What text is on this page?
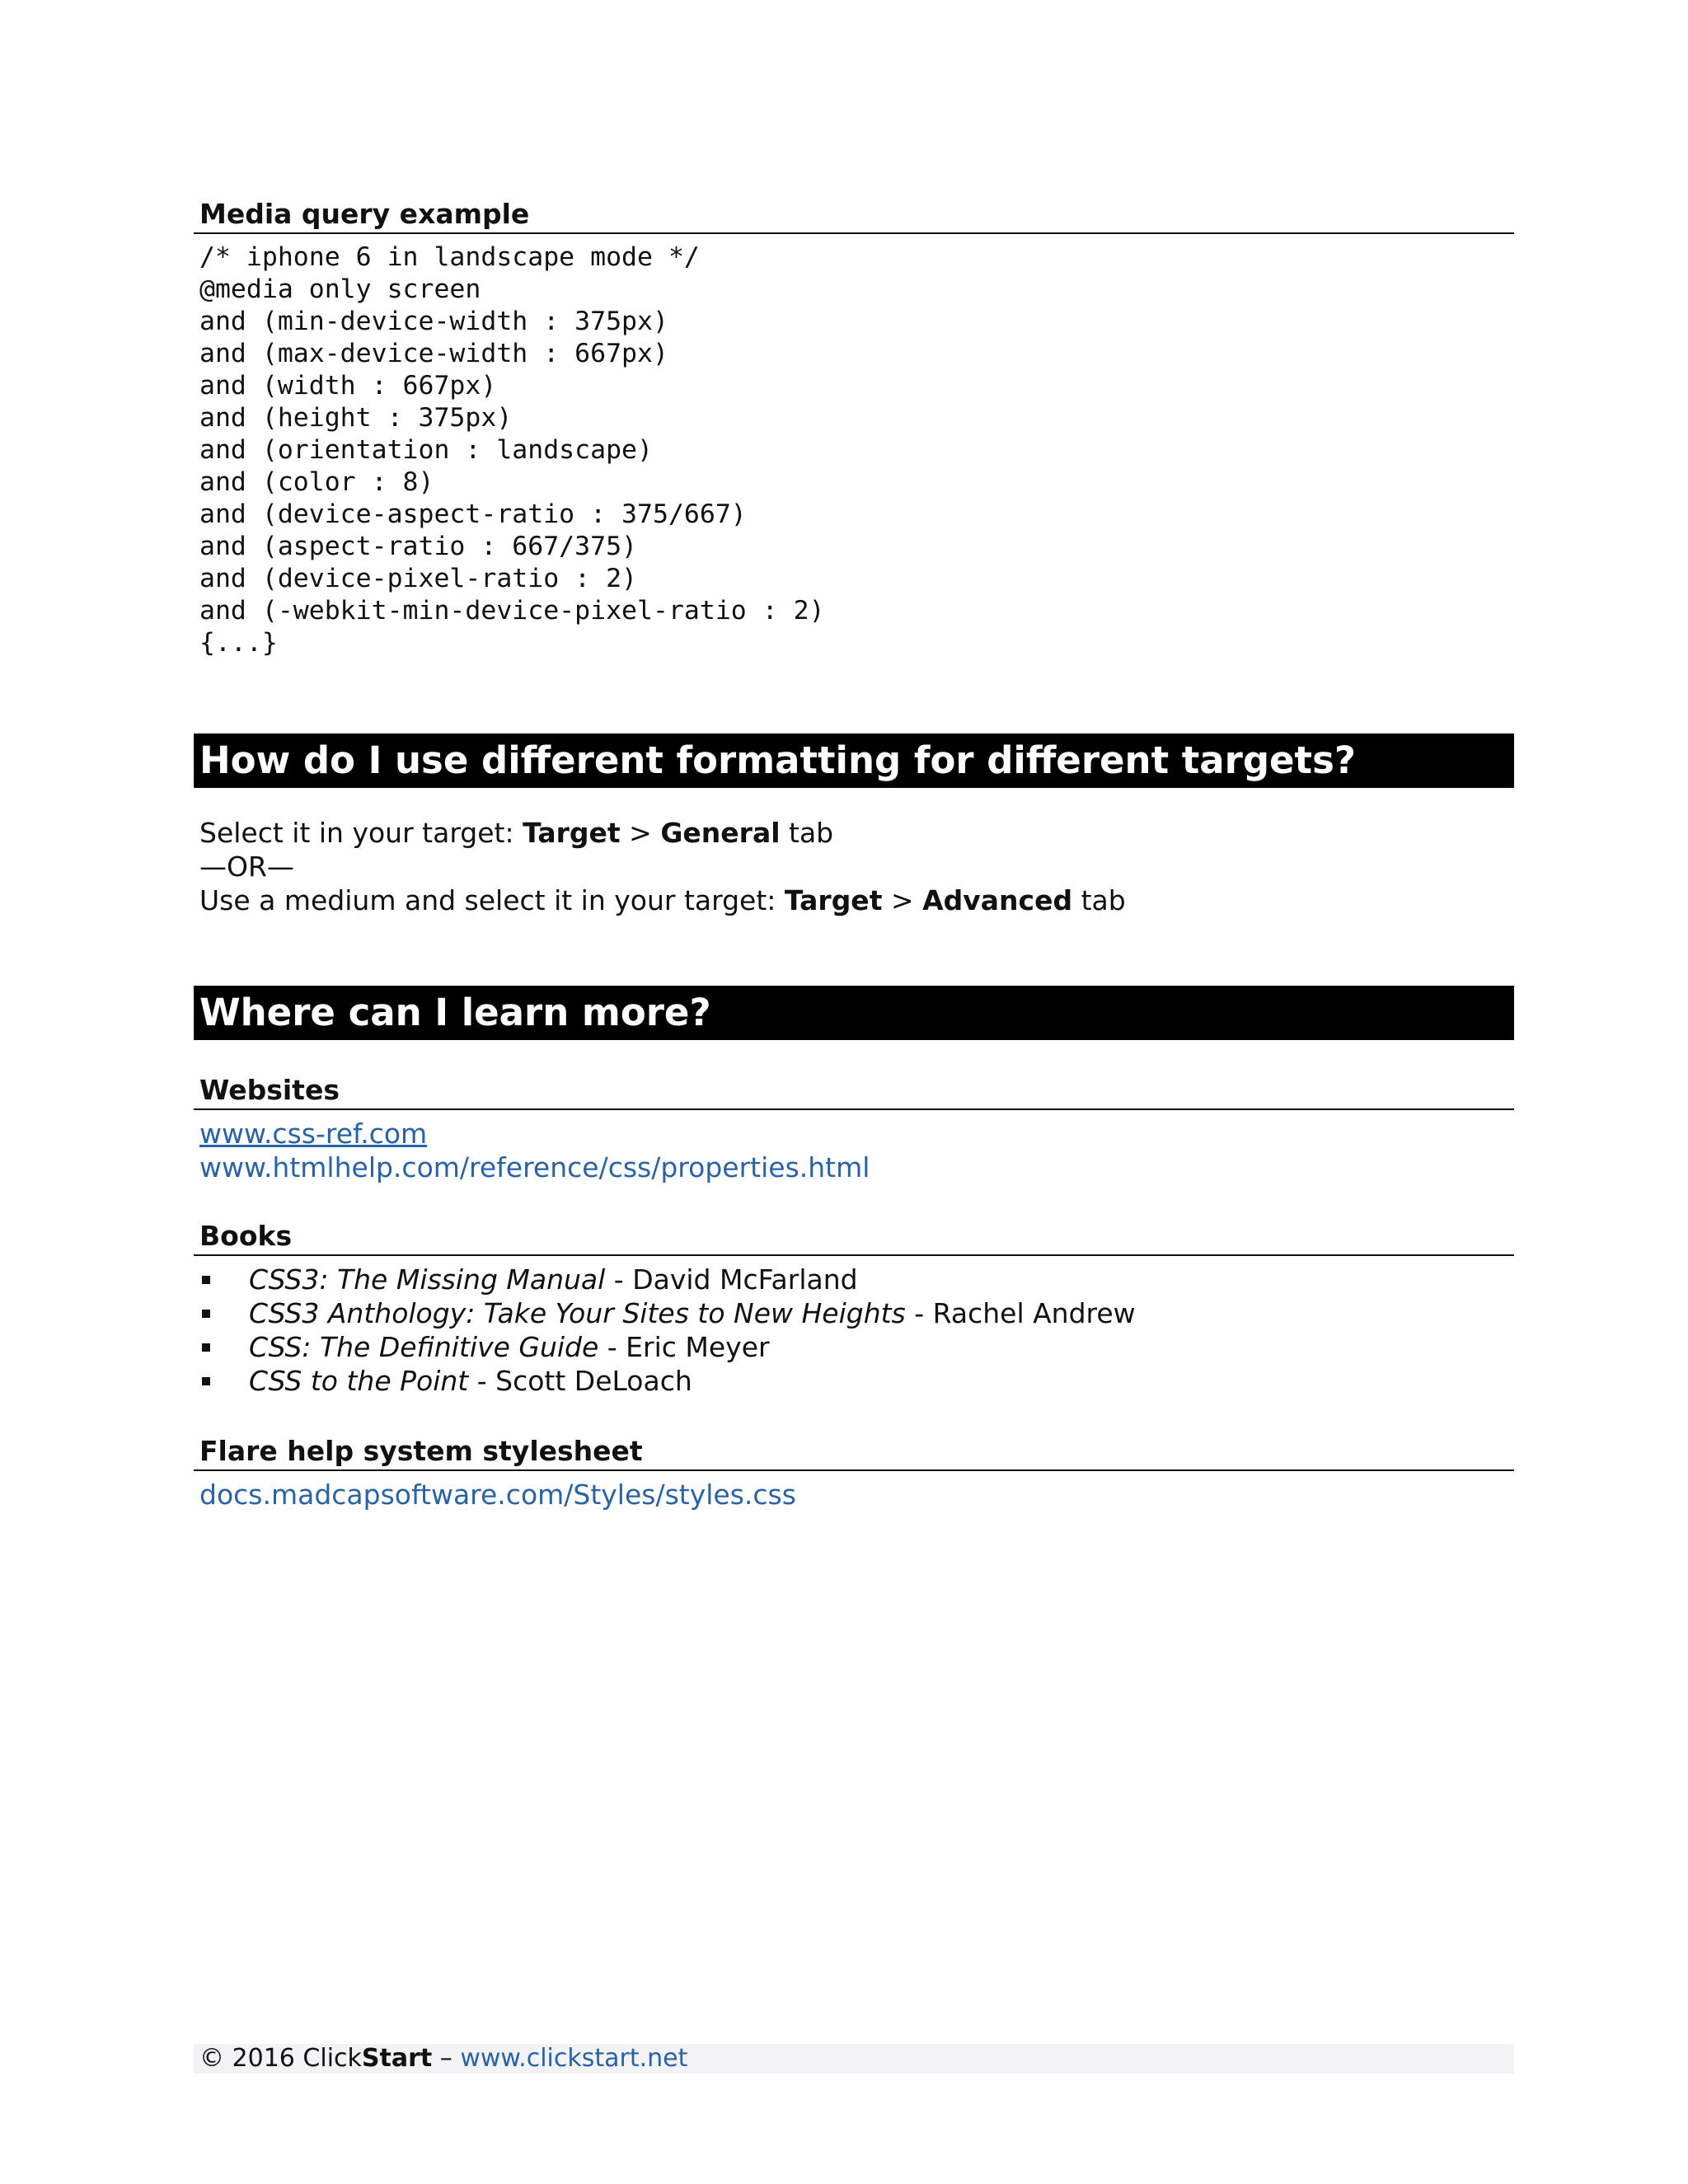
Media query example
/* iphone 6 in landscape mode */
@media only screen
and (min-device-width : 375px)
and (max-device-width : 667px)
and (width : 667px)
and (height : 375px)
and (orientation : landscape)
and (color : 8)
and (device-aspect-ratio : 375/667)
and (aspect-ratio : 667/375)
and (device-pixel-ratio : 2)
and (-webkit-min-device-pixel-ratio : 2)
{...}
How do I use different formatting for different targets?
Select it in your target: Target > General tab
—OR—
Use a medium and select it in your target: Target > Advanced tab
Where can I learn more?
Websites
www.css-ref.com
www.htmlhelp.com/reference/css/properties.html
Books
CSS3: The Missing Manual - David McFarland
CSS3 Anthology: Take Your Sites to New Heights - Rachel Andrew
CSS: The Definitive Guide - Eric Meyer
CSS to the Point - Scott DeLoach
Flare help system stylesheet
docs.madcapsoftware.com/Styles/styles.css
© 2016 ClickStart – www.clickstart.net
